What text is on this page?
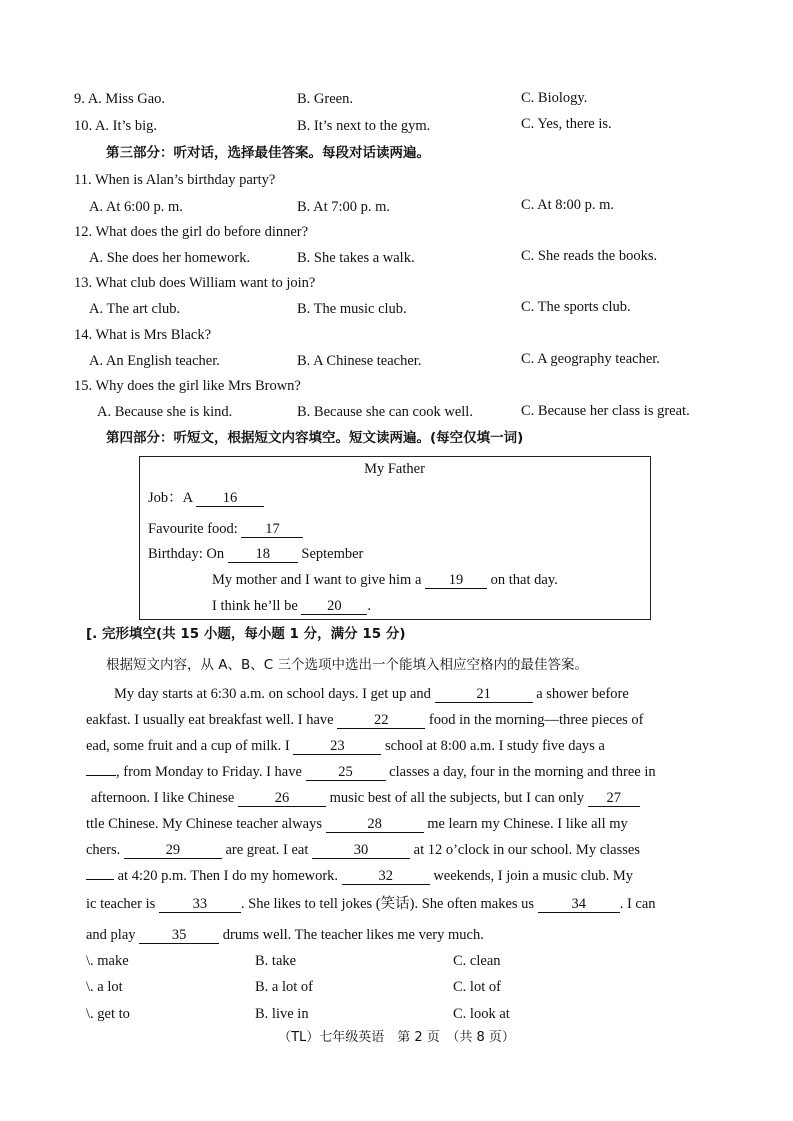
9. A. Miss Gao.	B. Green.	C. Biology.
10. A. It’s big.	B. It’s next to the gym.	C. Yes, there is.
第三部分：听对话，选择最佳答案。每段对话读两遍。
11. When is Alan’s birthday party?
A. At 6:00 p. m.	B. At 7:00 p. m.	C. At 8:00 p. m.
12. What does the girl do before dinner?
A. She does her homework.	B. She takes a walk.	C. She reads the books.
13. What club does William want to join?
A. The art club.	B. The music club.	C. The sports club.
14. What is Mrs Black?
A. An English teacher.	B. A Chinese teacher.	C. A geography teacher.
15. Why does the girl like Mrs Brown?
A. Because she is kind.	B. Because she can cook well.	C. Because her class is great.
第四部分：听短文，根据短文内容填空。短文读两遍。(每空仅填一词)
My Father
Job：A 16
Favourite food: 17
Birthday: On 18 September
My mother and I want to give him a 19 on that day.
I think he’ll be 20 .
[. 完形填空(共 15 小题，每小题 1 分，满分 15 分)
根据短文内容，从 A、B、C 三个选项中选出一个能填入相应空格内的最佳答案。
My day starts at 6:30 a.m. on school days. I get up and	21	a shower before
eakfast. I usually eat breakfast well. I have	22	food in the morning—three pieces of
ead, some fruit and a cup of milk. I	23	school at 8:00 a.m. I study five days a
, from Monday to Friday. I have	25	classes a day, four in the morning and three in
afternoon. I like Chinese	26	music best of all the subjects, but I can only 27
ttle Chinese. My Chinese teacher always	28	me learn my Chinese. I like all my
chers.	29	are great. I eat	30	at 12 o’clock in our school. My classes
at 4:20 p.m. Then I do my homework.	32	weekends, I join a music club. My
ic teacher is	33 . She likes to tell jokes (笑话). She often makes us	34 . I can
and play	35	drums well. The teacher likes me very much.
\. make	B. take	C. clean
\. a lot	B. a lot of	C. lot of
\. get to	B. live in	C. look at
（TL）七年级英语　第 2 页　（共 8 页）
